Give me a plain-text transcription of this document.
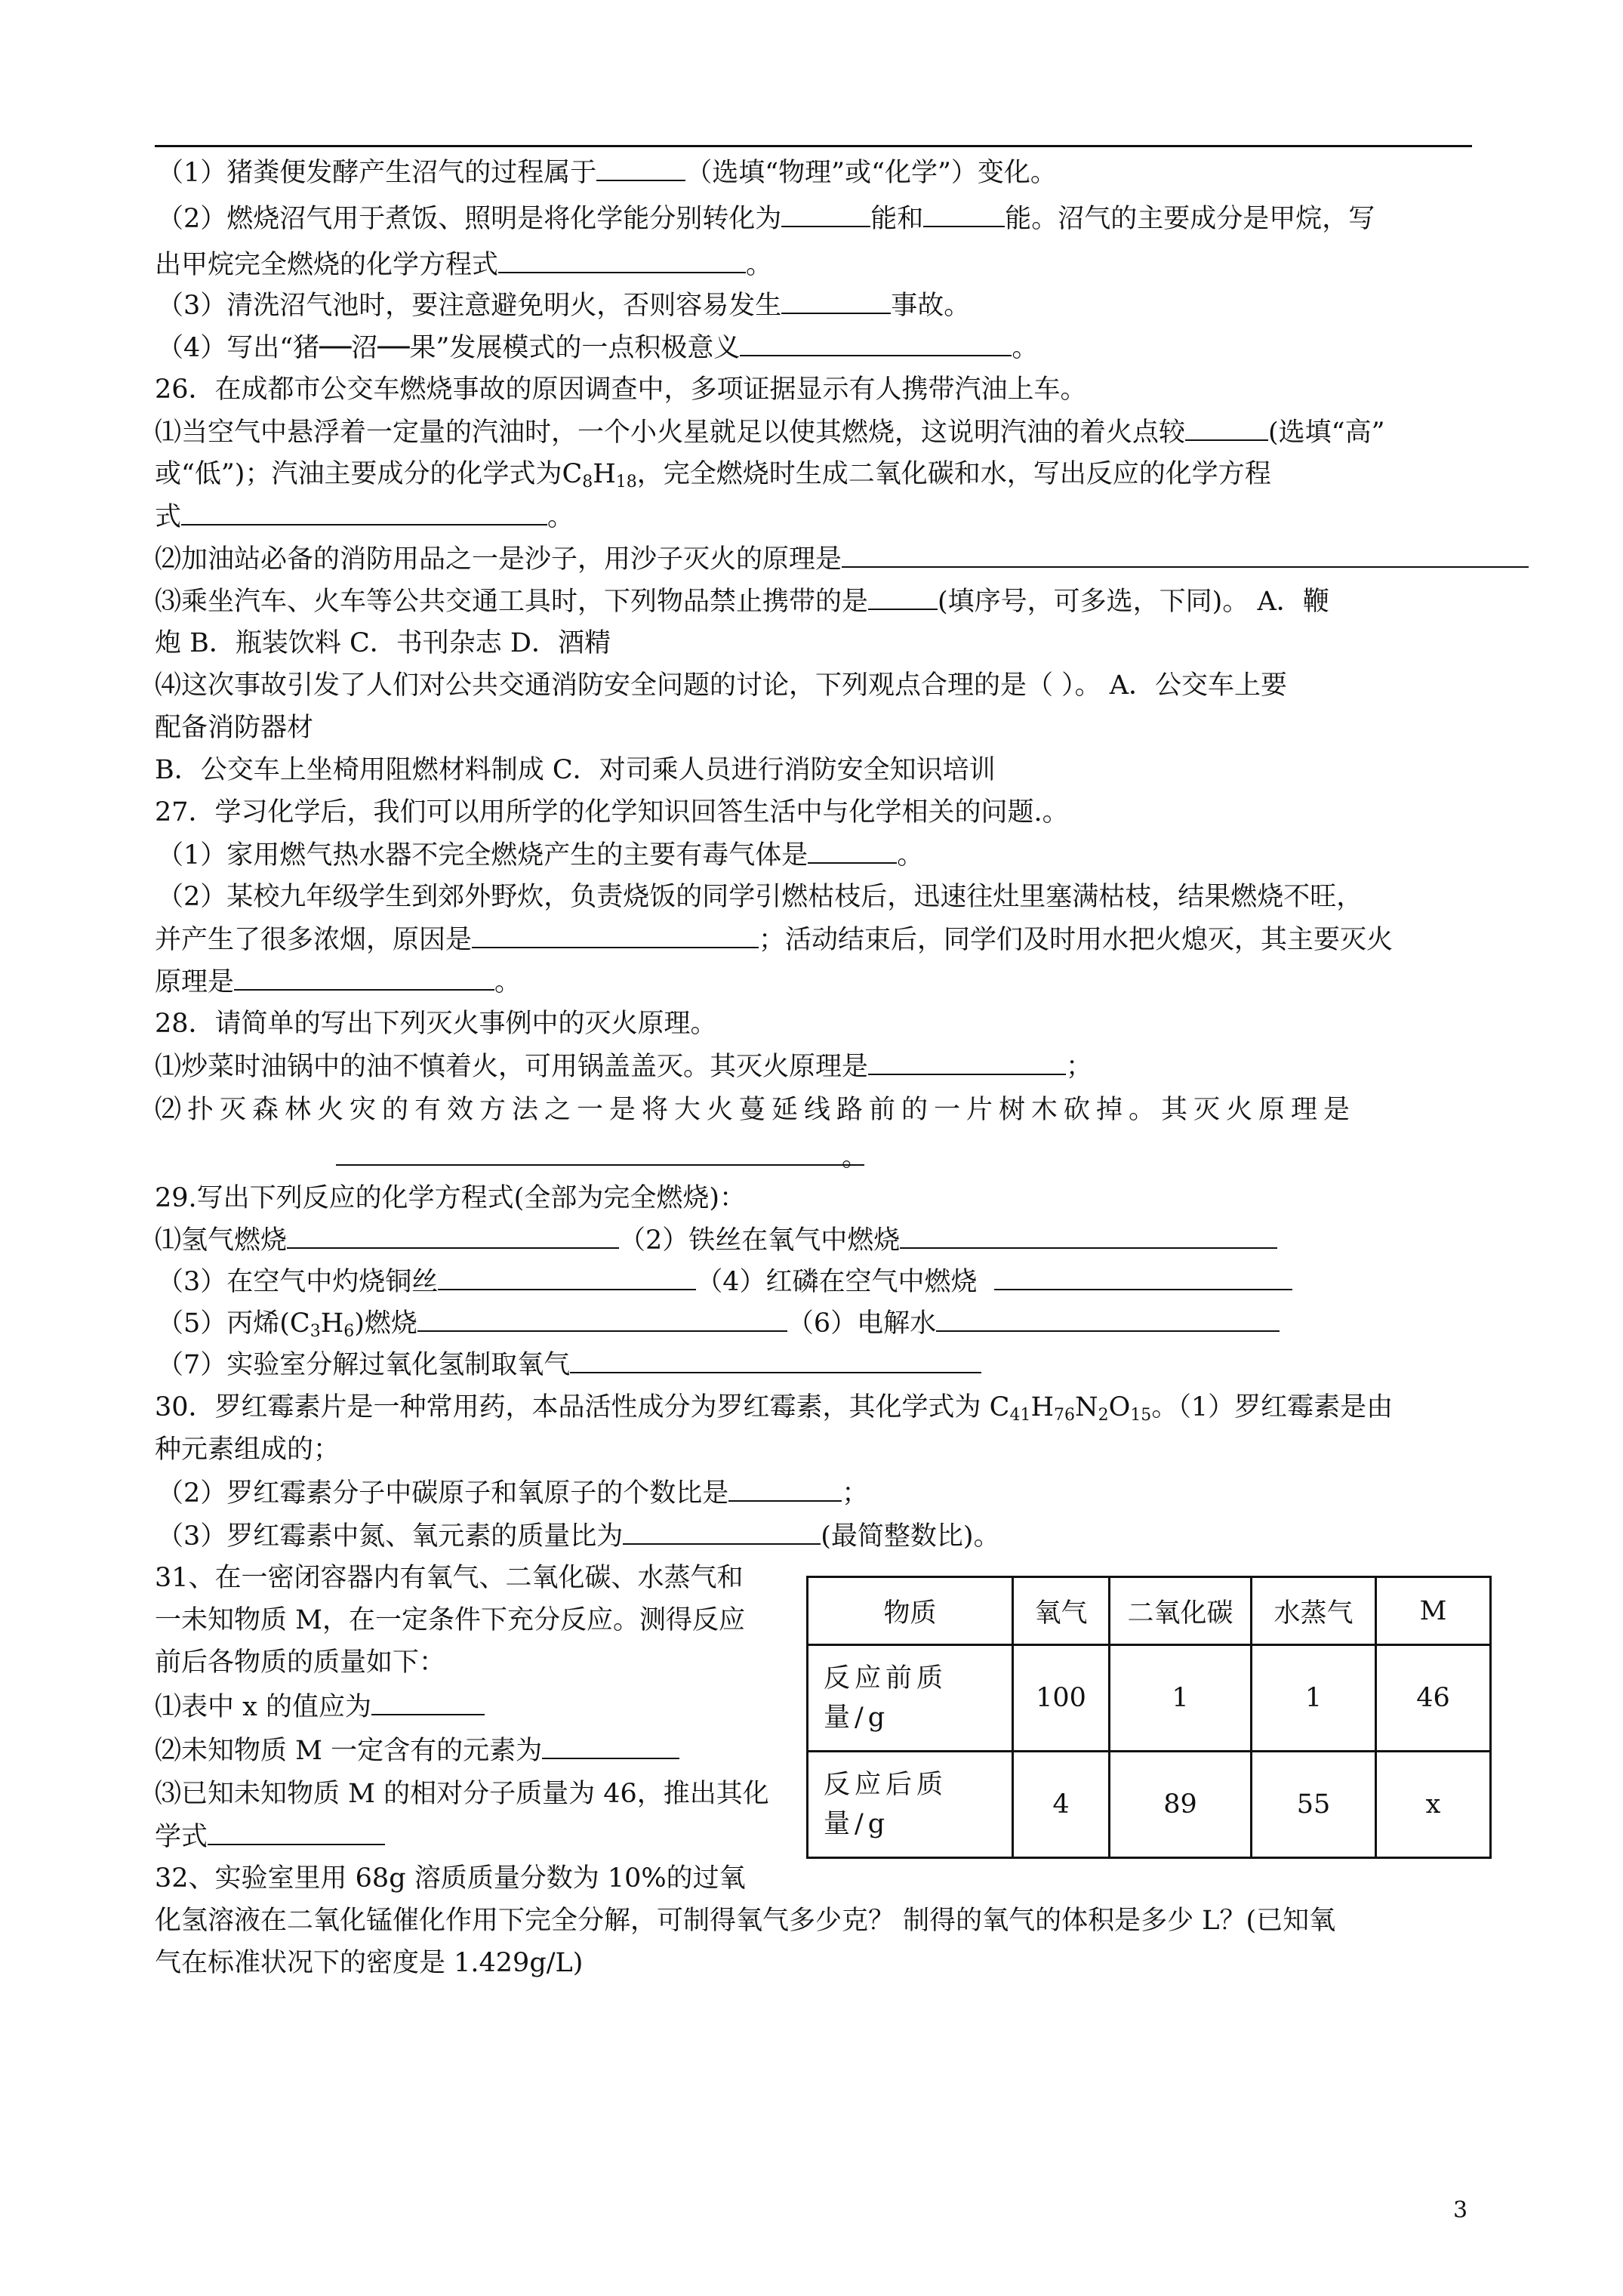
（1）猪粪便发酵产生沼气的过程属于	（选填“物理”或“化学”）变化。
（2）燃烧沼气用于煮饭、照明是将化学能分别转化为	能和	能。沼气的主要成分是甲烷，写
出甲烷完全燃烧的化学方程式	。
（3）清洗沼气池时，要注意避免明火，否则容易发生	事故。
（4）写出“猪──沼──果”发展模式的一点积极意义	。
26．在成都市公交车燃烧事故的原因调查中，多项证据显示有人携带汽油上车。
⑴当空气中悬浮着一定量的汽油时，一个小火星就足以使其燃烧，这说明汽油的着火点较	(选填“高”
或“低”)；汽油主要成分的化学式为$C_8H_{18}$，完全燃烧时生成二氧化碳和水，写出反应的化学方程
式	。
⑵加油站必备的消防用品之一是沙子，用沙子灭火的原理是
⑶乘坐汽车、火车等公共交通工具时，下列物品禁止携带的是	(填序号，可多选，下同)。 A．鞭
炮 B．瓶装饮料 C．书刊杂志 D．酒精
⑷这次事故引发了人们对公共交通消防安全问题的讨论，下列观点合理的是（ ）。 A．公交车上要
配备消防器材
B．公交车上坐椅用阻燃材料制成 C．对司乘人员进行消防安全知识培训
27．学习化学后，我们可以用所学的化学知识回答生活中与化学相关的问题.。
（1）家用燃气热水器不完全燃烧产生的主要有毒气体是	。
（2）某校九年级学生到郊外野炊，负责烧饭的同学引燃枯枝后，迅速往灶里塞满枯枝，结果燃烧不旺，
并产生了很多浓烟，原因是	；活动结束后，同学们及时用水把火熄灭，其主要灭火
原理是	。
28．请简单的写出下列灭火事例中的灭火原理。
⑴炒菜时油锅中的油不慎着火，可用锅盖盖灭。其灭火原理是	；
⑵扑灭森林火灾的有效方法之一是将大火蔓延线路前的一片树木砍掉。其灭火原理是
。
29.写出下列反应的化学方程式(全部为完全燃烧)：
⑴氢气燃烧	（2）铁丝在氧气中燃烧
（3）在空气中灼烧铜丝	（4）红磷在空气中燃烧
（5）丙烯$(C_3H_6)$燃烧	（6）电解水
（7）实验室分解过氧化氢制取氧气
30．罗红霉素片是一种常用药，本品活性成分为罗红霉素，其化学式为 $C_{41}H_{76}N_2O_{15}$。（1）罗红霉素是由
种元素组成的；
（2）罗红霉素分子中碳原子和氧原子的个数比是	；
（3）罗红霉素中氮、氧元素的质量比为	(最简整数比)。
31、在一密闭容器内有氧气、二氧化碳、水蒸气和
一未知物质 M，在一定条件下充分反应。测得反应
前后各物质的质量如下：
⑴表中 x 的值应为
⑵未知物质 M 一定含有的元素为
⑶已知未知物质 M 的相对分子质量为 46，推出其化
学式
物质	氧气	二氧化碳	水蒸气	M
反应前质量/g	100	1	1	46
反应后质量/g	4	89	55	x
32、实验室里用 68g 溶质质量分数为 10%的过氧
化氢溶液在二氧化锰催化作用下完全分解，可制得氧气多少克？ 制得的氧气的体积是多少 L？(已知氧
气在标准状况下的密度是 1.429g/L)
3
